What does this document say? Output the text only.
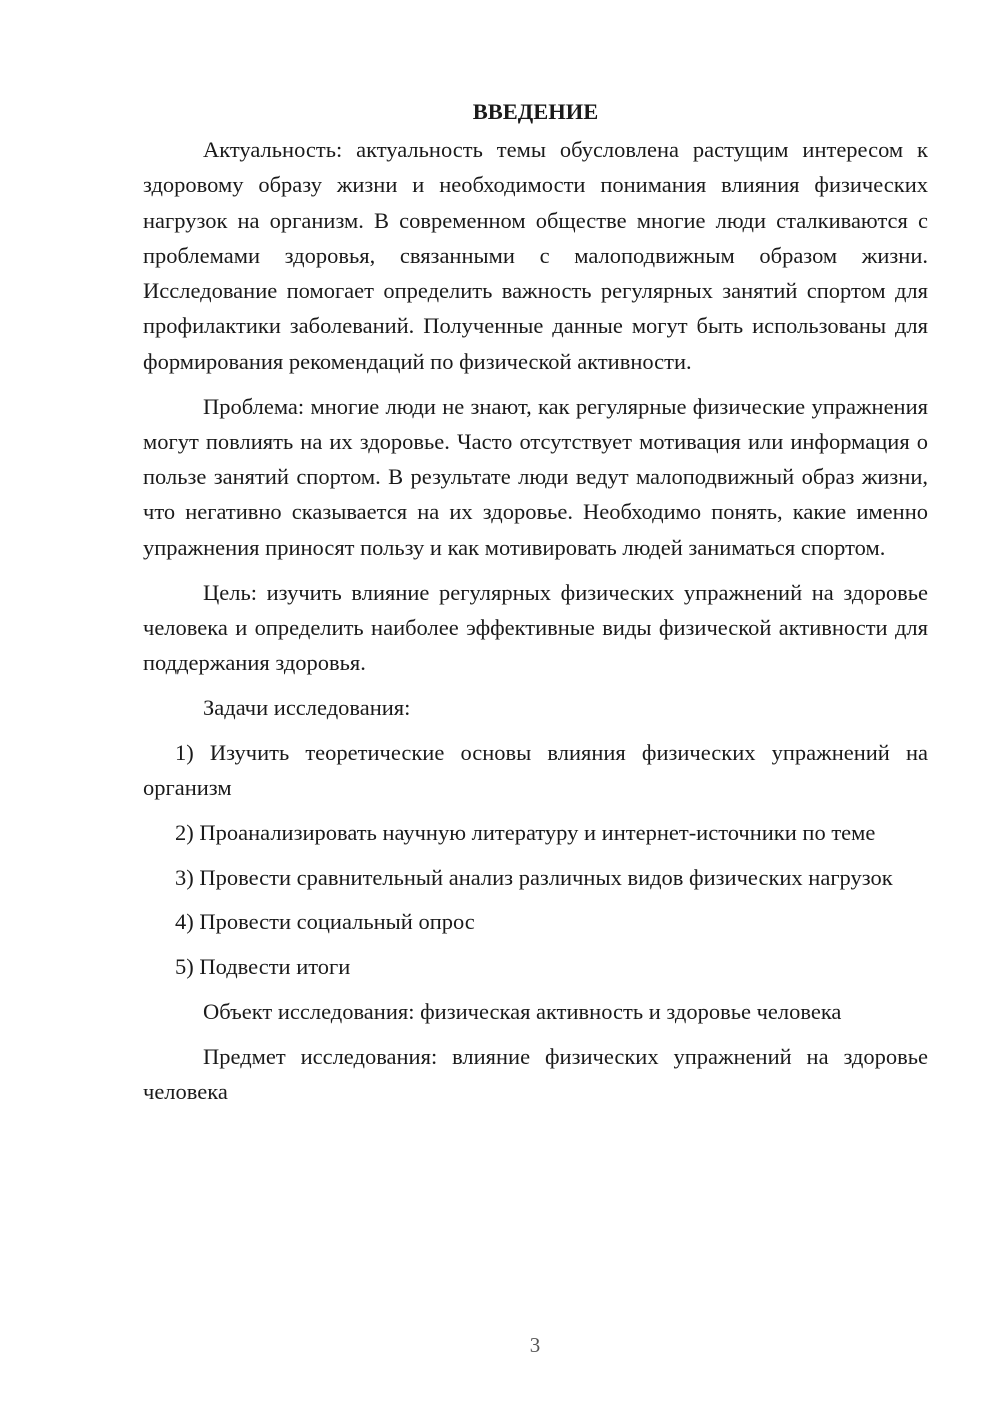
ВВЕДЕНИЕ

Актуальность: актуальность темы обусловлена растущим интересом к здоровому образу жизни и необходимости понимания влияния физических нагрузок на организм. В современном обществе многие люди сталкиваются с проблемами здоровья, связанными с малоподвижным образом жизни. Исследование помогает определить важность регулярных занятий спортом для профилактики заболеваний. Полученные данные могут быть использованы для формирования рекомендаций по физической активности.

Проблема: многие люди не знают, как регулярные физические упражнения могут повлиять на их здоровье. Часто отсутствует мотивация или информация о пользе занятий спортом. В результате люди ведут малоподвижный образ жизни, что негативно сказывается на их здоровье. Необходимо понять, какие именно упражнения приносят пользу и как мотивировать людей заниматься спортом.

Цель: изучить влияние регулярных физических упражнений на здоровье человека и определить наиболее эффективные виды физической активности для поддержания здоровья.

Задачи исследования:

1) Изучить теоретические основы влияния физических упражнений на организм

2) Проанализировать научную литературу и интернет-источники по теме

3) Провести сравнительный анализ различных видов физических нагрузок

4) Провести социальный опрос

5) Подвести итоги

Объект исследования: физическая активность и здоровье человека

Предмет исследования: влияние физических упражнений на здоровье человека

3
